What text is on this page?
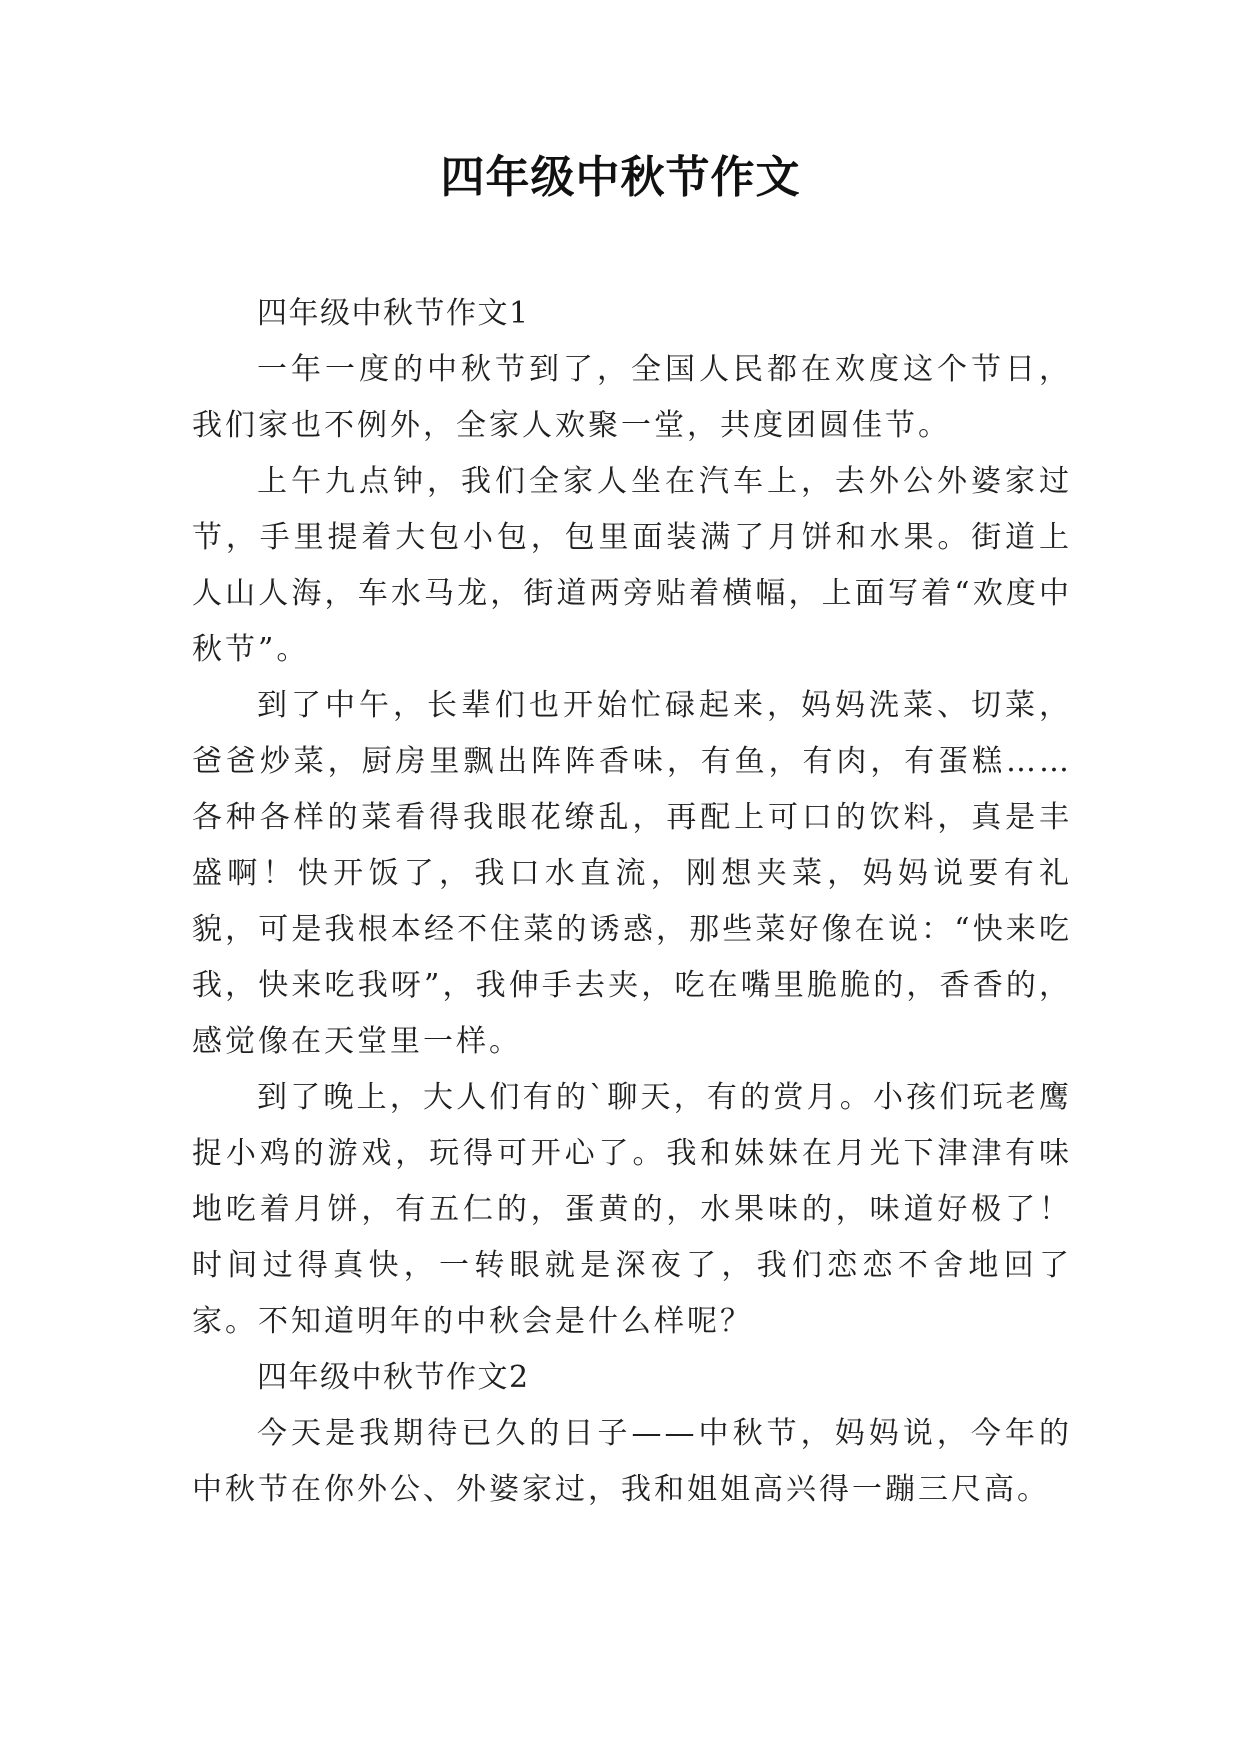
四年级中秋节作文

四年级中秋节作文1

一年一度的中秋节到了，全国人民都在欢度这个节日，我们家也不例外，全家人欢聚一堂，共度团圆佳节。

上午九点钟，我们全家人坐在汽车上，去外公外婆家过节，手里提着大包小包，包里面装满了月饼和水果。街道上人山人海，车水马龙，街道两旁贴着横幅，上面写着“欢度中秋节”。

到了中午，长辈们也开始忙碌起来，妈妈洗菜、切菜，爸爸炒菜，厨房里飘出阵阵香味，有鱼，有肉，有蛋糕……各种各样的菜看得我眼花缭乱，再配上可口的饮料，真是丰盛啊！快开饭了，我口水直流，刚想夹菜，妈妈说要有礼貌，可是我根本经不住菜的诱惑，那些菜好像在说：“快来吃我，快来吃我呀”，我伸手去夹，吃在嘴里脆脆的，香香的，感觉像在天堂里一样。

到了晚上，大人们有的`聊天，有的赏月。小孩们玩老鹰捉小鸡的游戏，玩得可开心了。我和妹妹在月光下津津有味地吃着月饼，有五仁的，蛋黄的，水果味的，味道好极了！时间过得真快，一转眼就是深夜了，我们恋恋不舍地回了家。不知道明年的中秋会是什么样呢？

四年级中秋节作文2

今天是我期待已久的日子——中秋节，妈妈说，今年的中秋节在你外公、外婆家过，我和姐姐高兴得一蹦三尺高。
